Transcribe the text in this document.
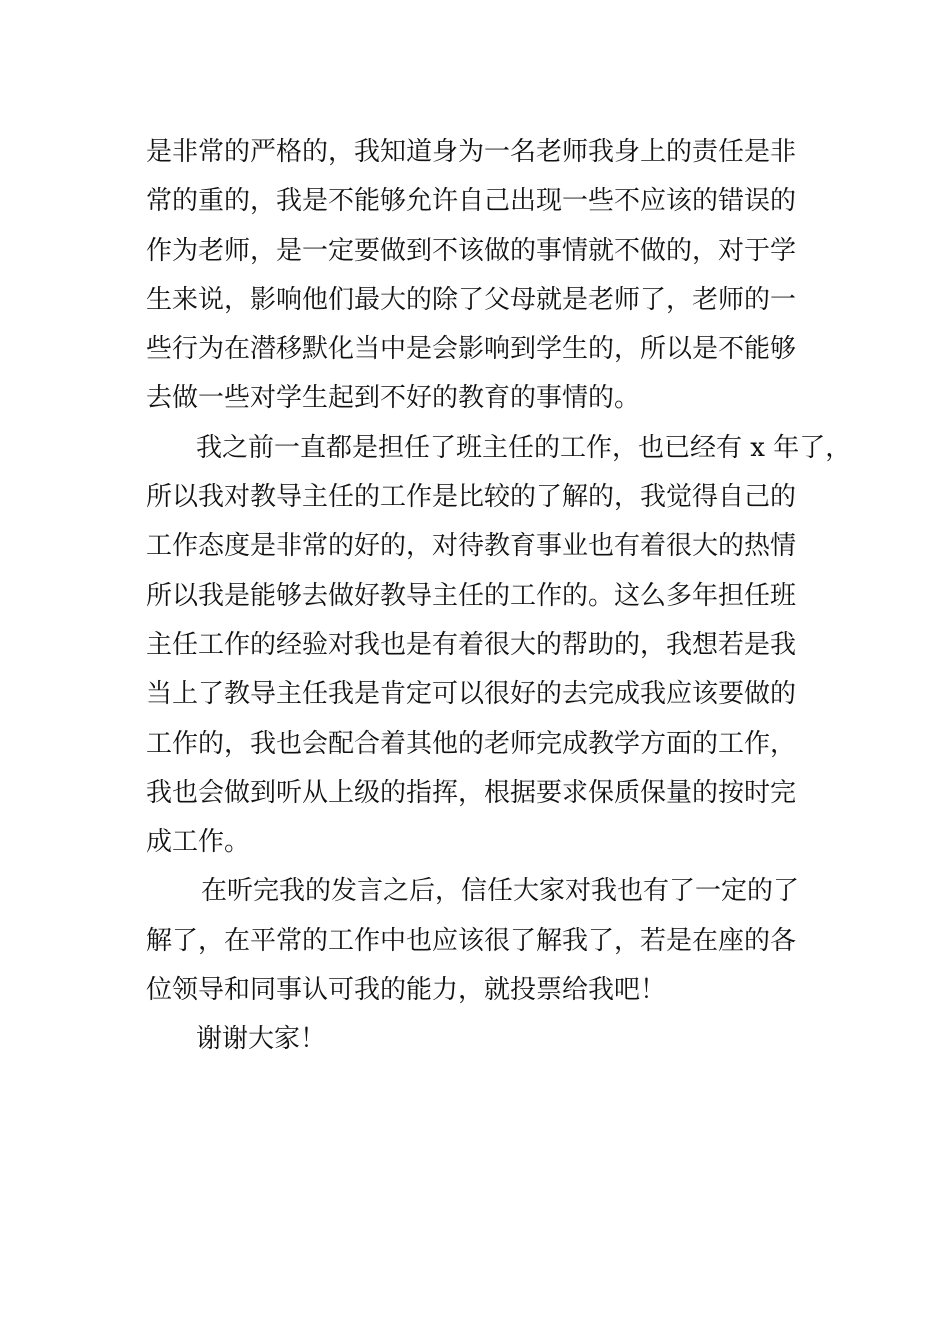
是非常的严格的，我知道身为一名老师我身上的责任是非
常的重的，我是不能够允许自己出现一些不应该的错误的
作为老师，是一定要做到不该做的事情就不做的，对于学
生来说，影响他们最大的除了父母就是老师了，老师的一
些行为在潜移默化当中是会影响到学生的，所以是不能够
去做一些对学生起到不好的教育的事情的。
我之前一直都是担任了班主任的工作，也已经有 x 年了，
所以我对教导主任的工作是比较的了解的，我觉得自己的
工作态度是非常的好的，对待教育事业也有着很大的热情
所以我是能够去做好教导主任的工作的。这么多年担任班
主任工作的经验对我也是有着很大的帮助的，我想若是我
当上了教导主任我是肯定可以很好的去完成我应该要做的
工作的，我也会配合着其他的老师完成教学方面的工作，
我也会做到听从上级的指挥，根据要求保质保量的按时完
成工作。
在听完我的发言之后，信任大家对我也有了一定的了
解了，在平常的工作中也应该很了解我了，若是在座的各
位领导和同事认可我的能力，就投票给我吧！
谢谢大家！
